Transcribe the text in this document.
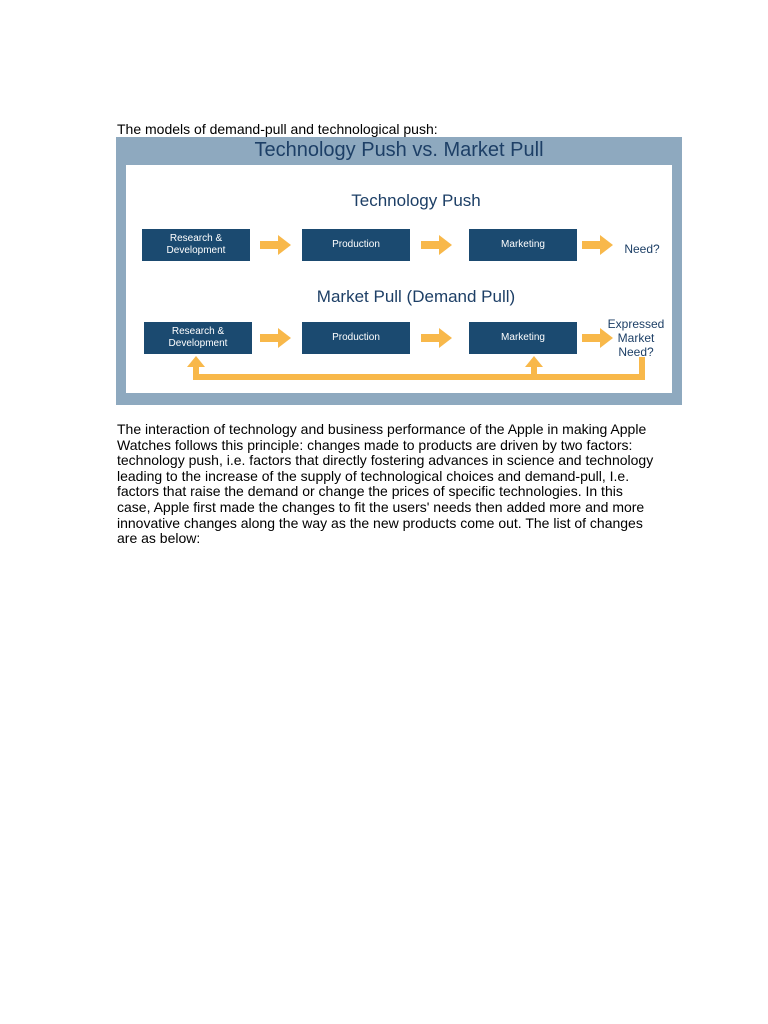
The models of demand-pull and technological push:
Technology Push vs. Market Pull
Technology Push
Research & Development
Production	Marketing	Need?
Market Pull (Demand Pull)
Research & Development
Production	Marketing
Expressed
Market
Need?

The interaction of technology and business performance of the Apple in making Apple Watches follows this principle: changes made to products are driven by two factors: technology push, i.e. factors that directly fostering advances in science and technology leading to the increase of the supply of technological choices and demand-pull, I.e. factors that raise the demand or change the prices of specific technologies. In this case, Apple first made the changes to fit the users' needs then added more and more innovative changes along the way as the new products come out. The list of changes are as below:
